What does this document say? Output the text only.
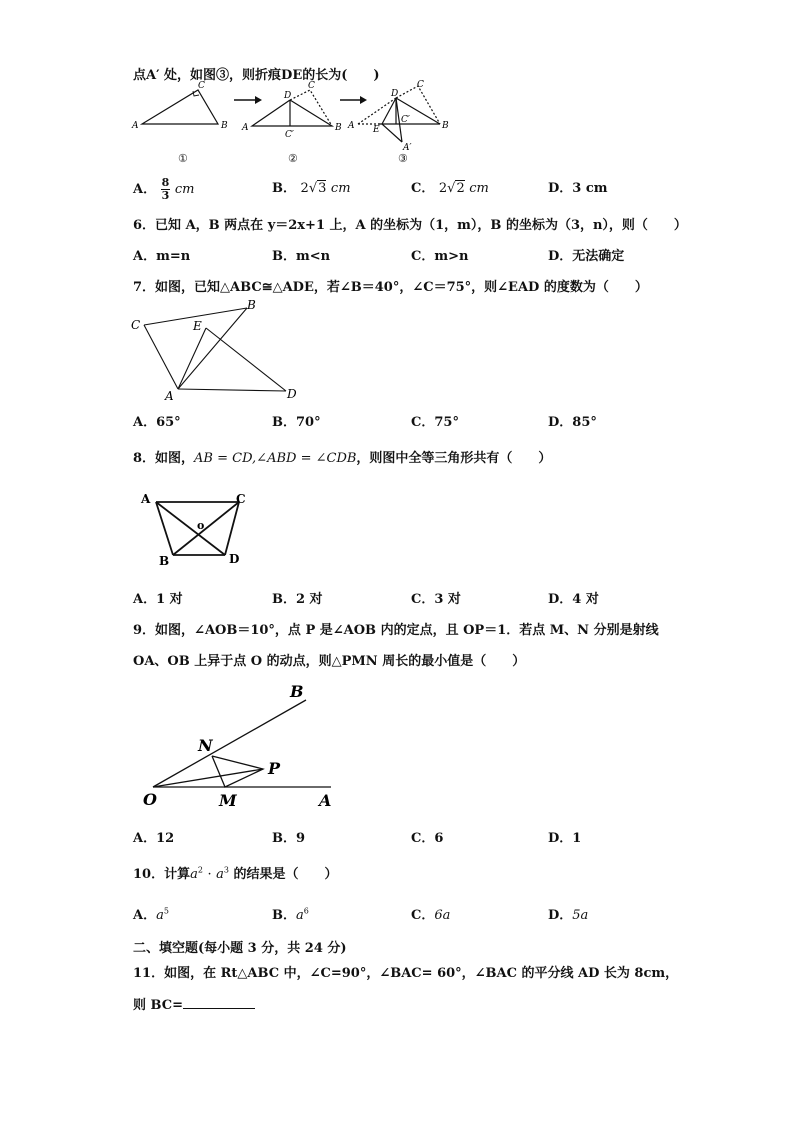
点A′ 处，如图③，则折痕DE的长为(　　)
A	B
C
A	B
D
C
C′
A	B
D
C
E
C′
A′
①	②	③
A． $\frac{8}{3}$ cm	B． 2√3 cm	C． 2√2 cm	D．3 cm
6．已知 A，B 两点在 y＝2x+1 上，A 的坐标为（1，m），B 的坐标为（3，n），则（　　）
A．m=n	B．m<n	C．m>n	D．无法确定
7．如图，已知△ABC≅△ADE，若∠B＝40°，∠C＝75°，则∠EAD 的度数为（　　）
C
B
E
A	D
A．65°	B．70°	C．75°	D．85°
8．如图，AB = CD,∠ABD = ∠CDB，则图中全等三角形共有（　　）
A	C
o
B	D
A．1 对	B．2 对	C．3 对	D．4 对
9．如图，∠AOB＝10°，点 P 是∠AOB 内的定点，且 OP＝1．若点 M、N 分别是射线
OA、OB 上异于点 O 的动点，则△PMN 周长的最小值是（　　）
O	A
B
M
N
P
A．12	B．9	C．6	D．1
10．计算$a^2 \cdot a^3$ 的结果是（　　）
A．$a^5$	B．$a^6$	C．6a	D．5a
二、填空题(每小题 3 分，共 24 分)
11．如图，在 Rt△ABC 中，∠C=90°，∠BAC= 60°，∠BAC 的平分线 AD 长为 8cm，
则 BC=
